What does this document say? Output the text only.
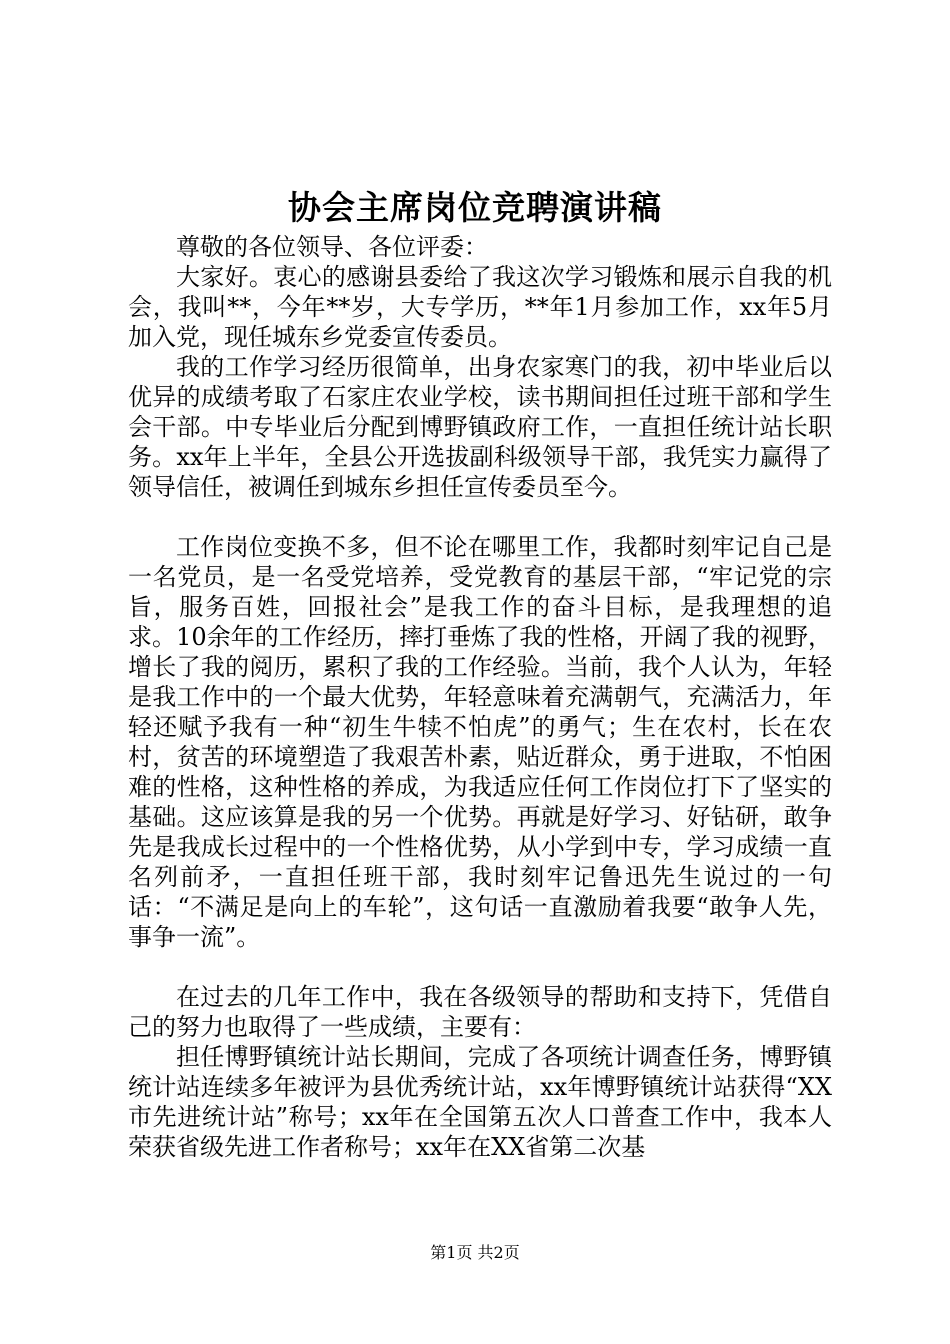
协会主席岗位竞聘演讲稿

尊敬的各位领导、各位评委：

大家好。衷心的感谢县委给了我这次学习锻炼和展示自我的机会，我叫**，今年**岁，大专学历，**年1月参加工作，xx年5月加入党，现任城东乡党委宣传委员。

我的工作学习经历很简单，出身农家寒门的我，初中毕业后以优异的成绩考取了石家庄农业学校，读书期间担任过班干部和学生会干部。中专毕业后分配到博野镇政府工作，一直担任统计站长职务。xx年上半年，全县公开选拔副科级领导干部，我凭实力赢得了领导信任，被调任到城东乡担任宣传委员至今。

工作岗位变换不多，但不论在哪里工作，我都时刻牢记自己是一名党员，是一名受党培养，受党教育的基层干部，“牢记党的宗旨，服务百姓，回报社会”是我工作的奋斗目标，是我理想的追求。10余年的工作经历，摔打垂炼了我的性格，开阔了我的视野，增长了我的阅历，累积了我的工作经验。当前，我个人认为，年轻是我工作中的一个最大优势，年轻意味着充满朝气，充满活力，年轻还赋予我有一种“初生牛犊不怕虎”的勇气；生在农村，长在农村，贫苦的环境塑造了我艰苦朴素，贴近群众，勇于进取，不怕困难的性格，这种性格的养成，为我适应任何工作岗位打下了坚实的基础。这应该算是我的另一个优势。再就是好学习、好钻研，敢争先是我成长过程中的一个性格优势，从小学到中专，学习成绩一直名列前矛，一直担任班干部，我时刻牢记鲁迅先生说过的一句话：“不满足是向上的车轮”，这句话一直激励着我要“敢争人先，事争一流”。

在过去的几年工作中，我在各级领导的帮助和支持下，凭借自己的努力也取得了一些成绩，主要有：

担任博野镇统计站长期间，完成了各项统计调查任务，博野镇统计站连续多年被评为县优秀统计站，xx年博野镇统计站获得“XX市先进统计站”称号；xx年在全国第五次人口普查工作中，我本人荣获省级先进工作者称号；xx年在XX省第二次基

第1页 共2页
